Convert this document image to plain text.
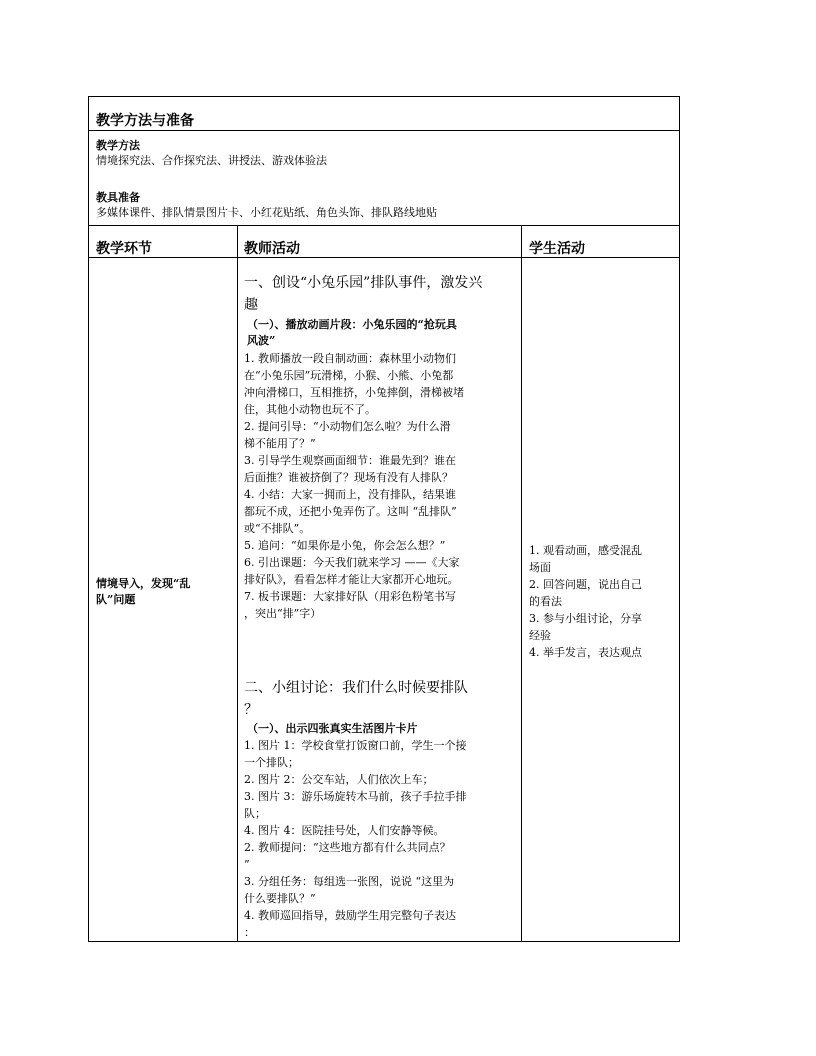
教学方法与准备
教学方法
情境探究法、合作探究法、讲授法、游戏体验法
教具准备
多媒体课件、排队情景图片卡、小红花贴纸、角色头饰、排队路线地贴
教学环节	教师活动	学生活动
情境导入，发现“乱
队”问题
一、创设“小兔乐园”排队事件，激发兴
趣
（一）、播放动画片段：小兔乐园的“抢玩具
风波”
1. 教师播放一段自制动画：森林里小动物们
在“小兔乐园”玩滑梯，小猴、小熊、小兔都
冲向滑梯口，互相推挤，小兔摔倒，滑梯被堵
住，其他小动物也玩不了。
2. 提问引导：“小动物们怎么啦？为什么滑
梯不能用了？”
3. 引导学生观察画面细节：谁最先到？谁在
后面推？谁被挤倒了？现场有没有人排队？
4. 小结：大家一拥而上，没有排队，结果谁
都玩不成，还把小兔弄伤了。这叫 “乱排队”
或“不排队”。
5. 追问：“如果你是小兔，你会怎么想？”
6. 引出课题：今天我们就来学习 ——《大家
排好队》，看看怎样才能让大家都开心地玩。
7. 板书课题：大家排好队（用彩色粉笔书写
，突出“排”字）
二、小组讨论：我们什么时候要排队
？
（一）、出示四张真实生活图片卡片
1. 图片 1：学校食堂打饭窗口前，学生一个接
一个排队；
2. 图片 2：公交车站，人们依次上车；
3. 图片 3：游乐场旋转木马前，孩子手拉手排
队；
4. 图片 4：医院挂号处，人们安静等候。
2. 教师提问：“这些地方都有什么共同点？
”
3. 分组任务：每组选一张图，说说 “这里为
什么要排队？”
4. 教师巡回指导，鼓励学生用完整句子表达
：
1. 观看动画，感受混乱
场面
2. 回答问题，说出自己
的看法
3. 参与小组讨论，分享
经验
4. 举手发言，表达观点
